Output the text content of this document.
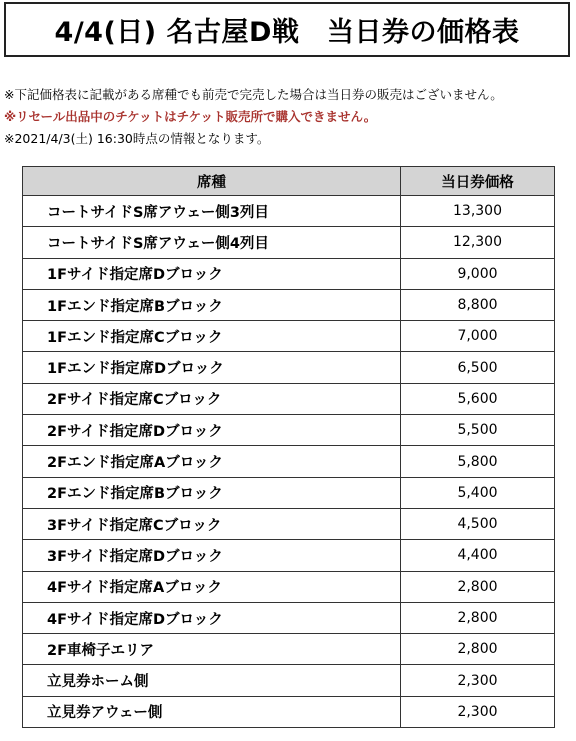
4/4(日) 名古屋D戦　当日券の価格表
※下記価格表に記載がある席種でも前売で完売した場合は当日券の販売はございません。
※リセール出品中のチケットはチケット販売所で購入できません。
※2021/4/3(土) 16:30時点の情報となります。
席種	当日券価格
コートサイドS席アウェー側3列目	13,300
コートサイドS席アウェー側4列目	12,300
1Fサイド指定席Dブロック	9,000
1Fエンド指定席Bブロック	8,800
1Fエンド指定席Cブロック	7,000
1Fエンド指定席Dブロック	6,500
2Fサイド指定席Cブロック	5,600
2Fサイド指定席Dブロック	5,500
2Fエンド指定席Aブロック	5,800
2Fエンド指定席Bブロック	5,400
3Fサイド指定席Cブロック	4,500
3Fサイド指定席Dブロック	4,400
4Fサイド指定席Aブロック	2,800
4Fサイド指定席Dブロック	2,800
2F車椅子エリア	2,800
立見券ホーム側	2,300
立見券アウェー側	2,300
